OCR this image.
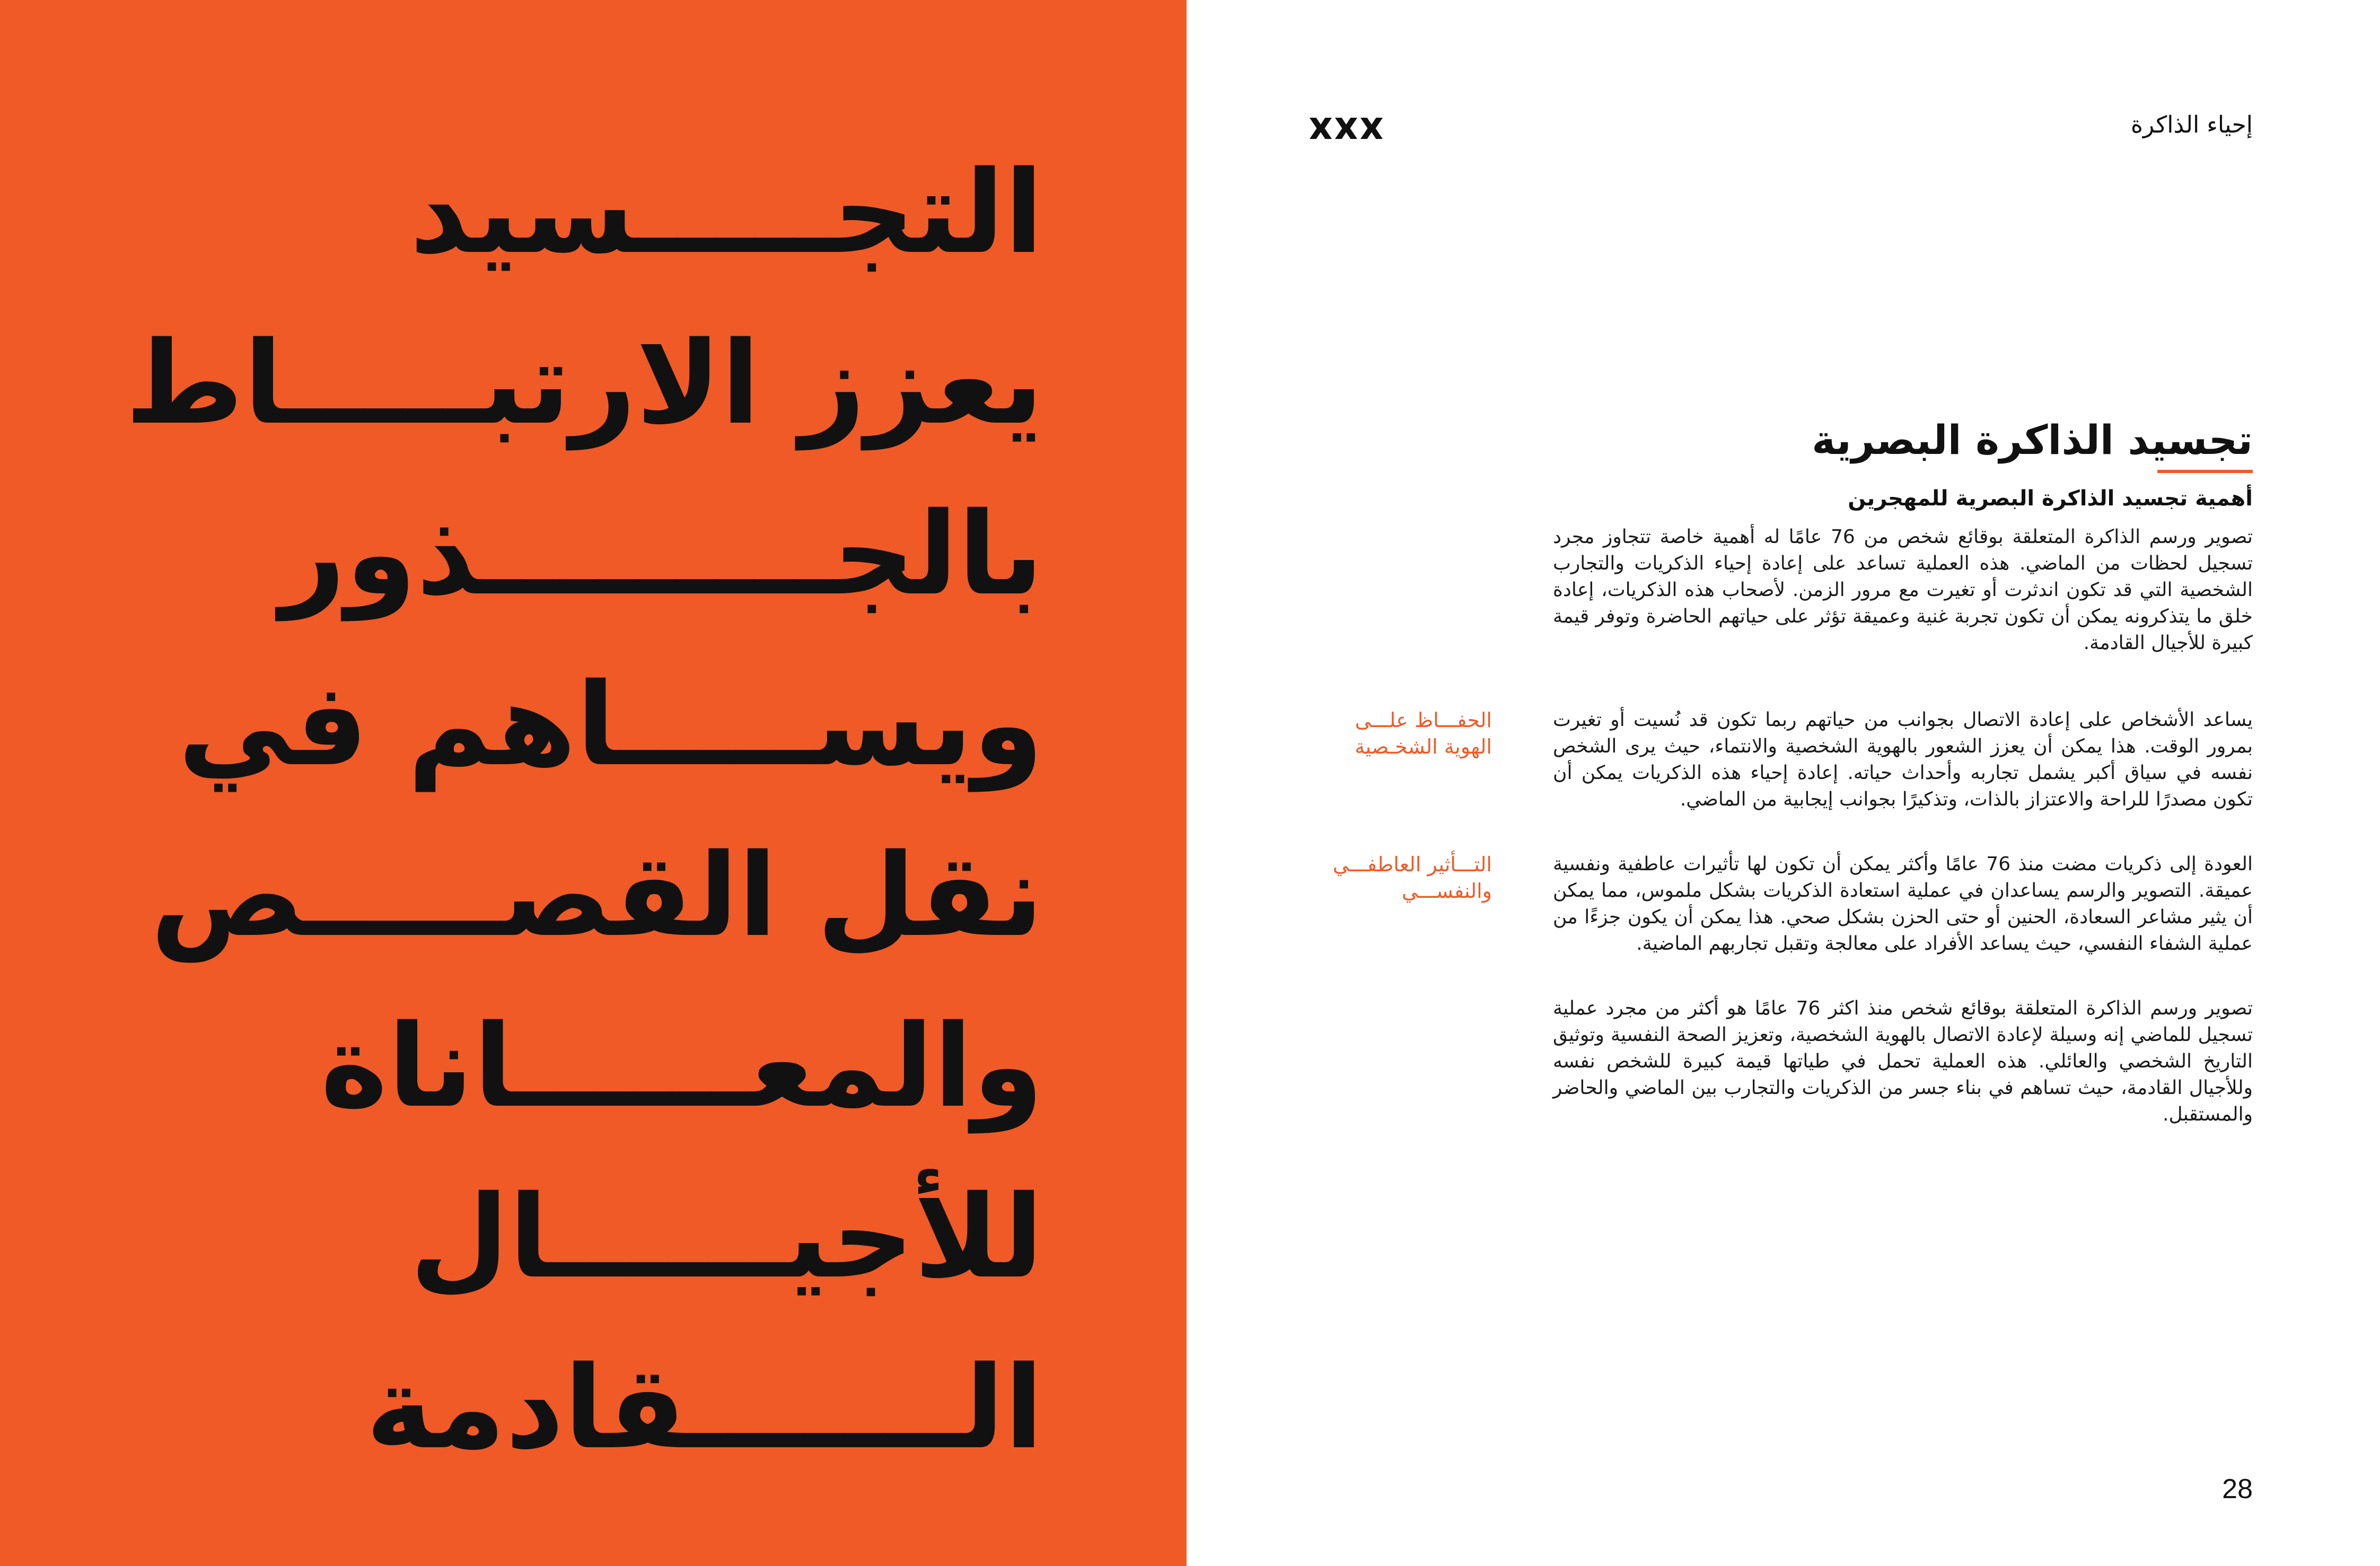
التجـــــسيد
يعزز الارتبـــــاط
بالجـــــــــذور
ويســـــاهم في
نقل القصـــــص
والمعــــــاناة
للأجيــــــال
الـــــــقادمة
إحياء الذاكرة
تجسيد الذاكرة البصرية
أهمية تجسيد الذاكرة البصرية للمهجرين

تصوير ورسم الذاكرة المتعلقة بوقائع شخص من 76 عامًا له أهمية خاصة تتجاوز مجرد تسجيل لحظات من الماضي. هذه العملية تساعد على إعادة إحياء الذكريات والتجارب الشخصية التي قد تكون اندثرت أو تغيرت مع مرور الزمن. لأصحاب هذه الذكريات، إعادة خلق ما يتذكرونه يمكن أن تكون تجربة غنية وعميقة تؤثر على حياتهم الحاضرة وتوفر قيمة كبيرة للأجيال القادمة.

الحفـــاظ علـــى الهوية الشخـصية

يساعد الأشخاص على إعادة الاتصال بجوانب من حياتهم ربما تكون قد نُسيت أو تغيرت بمرور الوقت. هذا يمكن أن يعزز الشعور بالهوية الشخصية والانتماء، حيث يرى الشخص نفسه في سياق أكبر يشمل تجاربه وأحداث حياته. إعادة إحياء هذه الذكريات يمكن أن تكون مصدرًا للراحة والاعتزاز بالذات، وتذكيرًا بجوانب إيجابية من الماضي.

التـــأثير العاطفـــي والنفســـي

العودة إلى ذكريات مضت منذ 76 عامًا وأكثر يمكن أن تكون لها تأثيرات عاطفية ونفسية عميقة. التصوير والرسم يساعدان في عملية استعادة الذكريات بشكل ملموس، مما يمكن أن يثير مشاعر السعادة، الحنين أو حتى الحزن بشكل صحي. هذا يمكن أن يكون جزءًا من عملية الشفاء النفسي، حيث يساعد الأفراد على معالجة وتقبل تجاربهم الماضية.

تصوير ورسم الذاكرة المتعلقة بوقائع شخص منذ اكثر 76 عامًا هو أكثر من مجرد عملية تسجيل للماضي إنه وسيلة لإعادة الاتصال بالهوية الشخصية، وتعزيز الصحة النفسية وتوثيق التاريخ الشخصي والعائلي. هذه العملية تحمل في طياتها قيمة كبيرة للشخص نفسه وللأجيال القادمة، حيث تساهم في بناء جسر من الذكريات والتجارب بين الماضي والحاضر والمستقبل.

28
